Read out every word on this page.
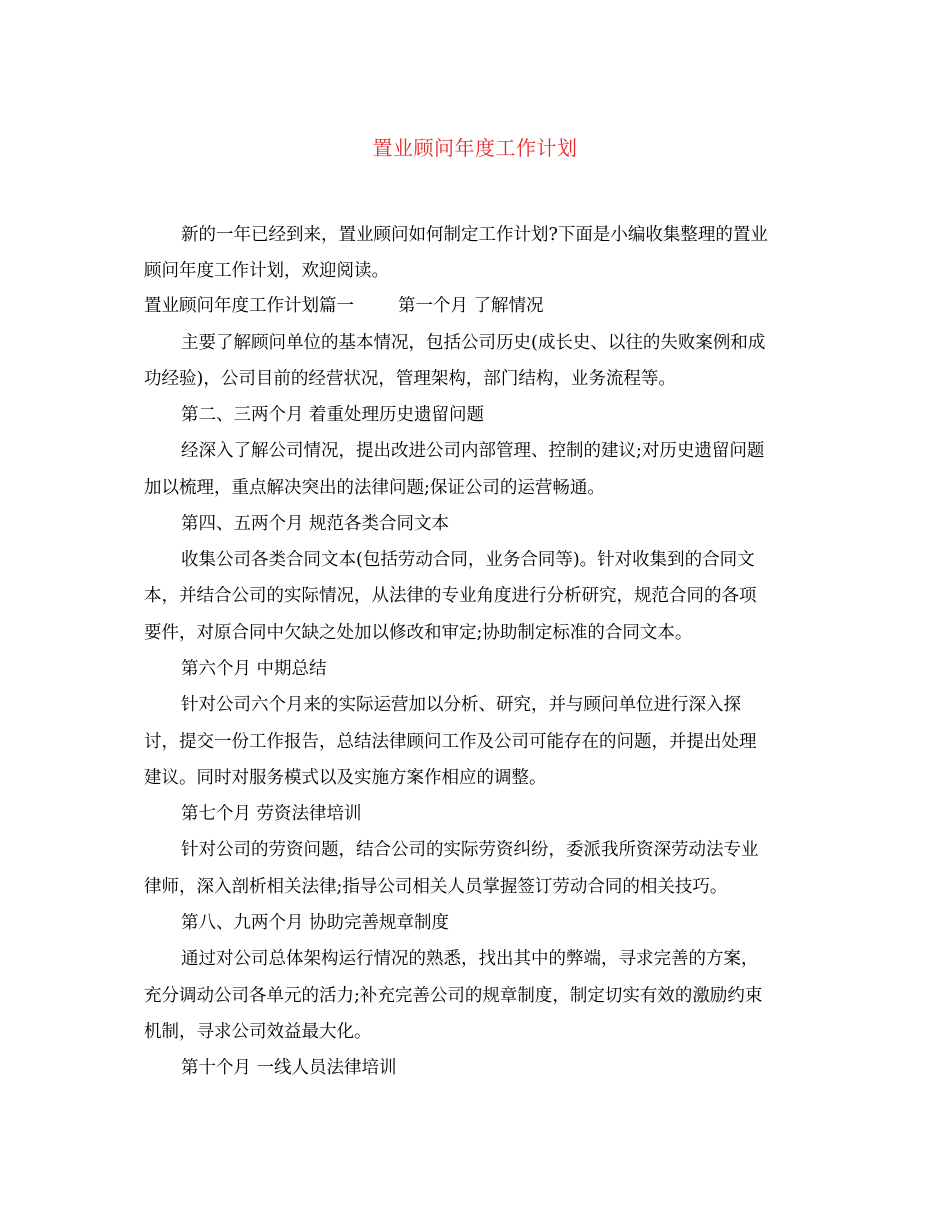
置业顾问年度工作计划
新的一年已经到来，置业顾问如何制定工作计划?下面是小编收集整理的置业
顾问年度工作计划，欢迎阅读。
置业顾问年度工作计划篇一	第一个月 了解情况
主要了解顾问单位的基本情况，包括公司历史(成长史、以往的失败案例和成
功经验)，公司目前的经营状况，管理架构，部门结构，业务流程等。
第二、三两个月 着重处理历史遗留问题
经深入了解公司情况，提出改进公司内部管理、控制的建议;对历史遗留问题
加以梳理，重点解决突出的法律问题;保证公司的运营畅通。
第四、五两个月 规范各类合同文本
收集公司各类合同文本(包括劳动合同，业务合同等)。针对收集到的合同文
本，并结合公司的实际情况，从法律的专业角度进行分析研究，规范合同的各项
要件，对原合同中欠缺之处加以修改和审定;协助制定标准的合同文本。
第六个月 中期总结
针对公司六个月来的实际运营加以分析、研究，并与顾问单位进行深入探
讨，提交一份工作报告，总结法律顾问工作及公司可能存在的问题，并提出处理
建议。同时对服务模式以及实施方案作相应的调整。
第七个月 劳资法律培训
针对公司的劳资问题，结合公司的实际劳资纠纷，委派我所资深劳动法专业
律师，深入剖析相关法律;指导公司相关人员掌握签订劳动合同的相关技巧。
第八、九两个月 协助完善规章制度
通过对公司总体架构运行情况的熟悉，找出其中的弊端，寻求完善的方案，
充分调动公司各单元的活力;补充完善公司的规章制度，制定切实有效的激励约束
机制，寻求公司效益最大化。
第十个月 一线人员法律培训
